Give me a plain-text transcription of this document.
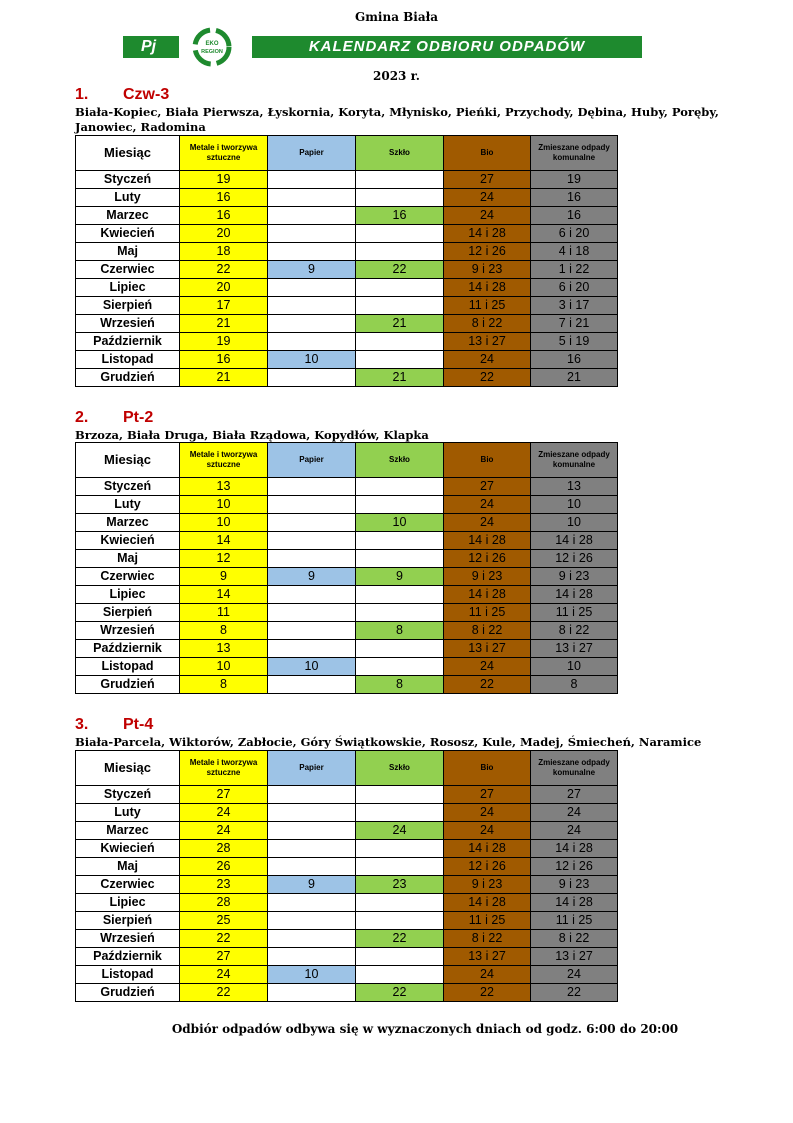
Gmina Biała
Pj	EKO
REGION	KALENDARZ ODBIORU ODPADÓW
2023 r.
1. Czw-3
Biała-Kopiec, Biała Pierwsza, Łyskornia, Koryta, Młynisko, Pieńki, Przychody, Dębina, Huby, Poręby, Janowiec, Radomina
Miesiąc	Metale i tworzywa sztuczne	Papier	Szkło	Bio	Zmieszane odpady komunalne
Styczeń	19			27	19
Luty	16			24	16
Marzec	16		16	24	16
Kwiecień	20			14 i 28	6 i 20
Maj	18			12 i 26	4 i 18
Czerwiec	22	9	22	9 i 23	1 i 22
Lipiec	20			14 i 28	6 i 20
Sierpień	17			11 i 25	3 i 17
Wrzesień	21		21	8 i 22	7 i 21
Październik	19			13 i 27	5 i 19
Listopad	16	10		24	16
Grudzień	21		21	22	21
2. Pt-2
Brzoza, Biała Druga, Biała Rządowa, Kopydłów, Klapka
Miesiąc	Metale i tworzywa sztuczne	Papier	Szkło	Bio	Zmieszane odpady komunalne
Styczeń	13			27	13
Luty	10			24	10
Marzec	10		10	24	10
Kwiecień	14			14 i 28	14 i 28
Maj	12			12 i 26	12 i 26
Czerwiec	9	9	9	9 i 23	9 i 23
Lipiec	14			14 i 28	14 i 28
Sierpień	11			11 i 25	11 i 25
Wrzesień	8		8	8 i 22	8 i 22
Październik	13			13 i 27	13 i 27
Listopad	10	10		24	10
Grudzień	8		8	22	8
3. Pt-4
Biała-Parcela, Wiktorów, Zabłocie, Góry Świątkowskie, Rososz, Kule, Madej, Śmiecheń, Naramice
Miesiąc	Metale i tworzywa sztuczne	Papier	Szkło	Bio	Zmieszane odpady komunalne
Styczeń	27			27	27
Luty	24			24	24
Marzec	24		24	24	24
Kwiecień	28			14 i 28	14 i 28
Maj	26			12 i 26	12 i 26
Czerwiec	23	9	23	9 i 23	9 i 23
Lipiec	28			14 i 28	14 i 28
Sierpień	25			11 i 25	11 i 25
Wrzesień	22		22	8 i 22	8 i 22
Październik	27			13 i 27	13 i 27
Listopad	24	10		24	24
Grudzień	22		22	22	22
Odbiór odpadów odbywa się w wyznaczonych dniach od godz. 6:00 do 20:00
